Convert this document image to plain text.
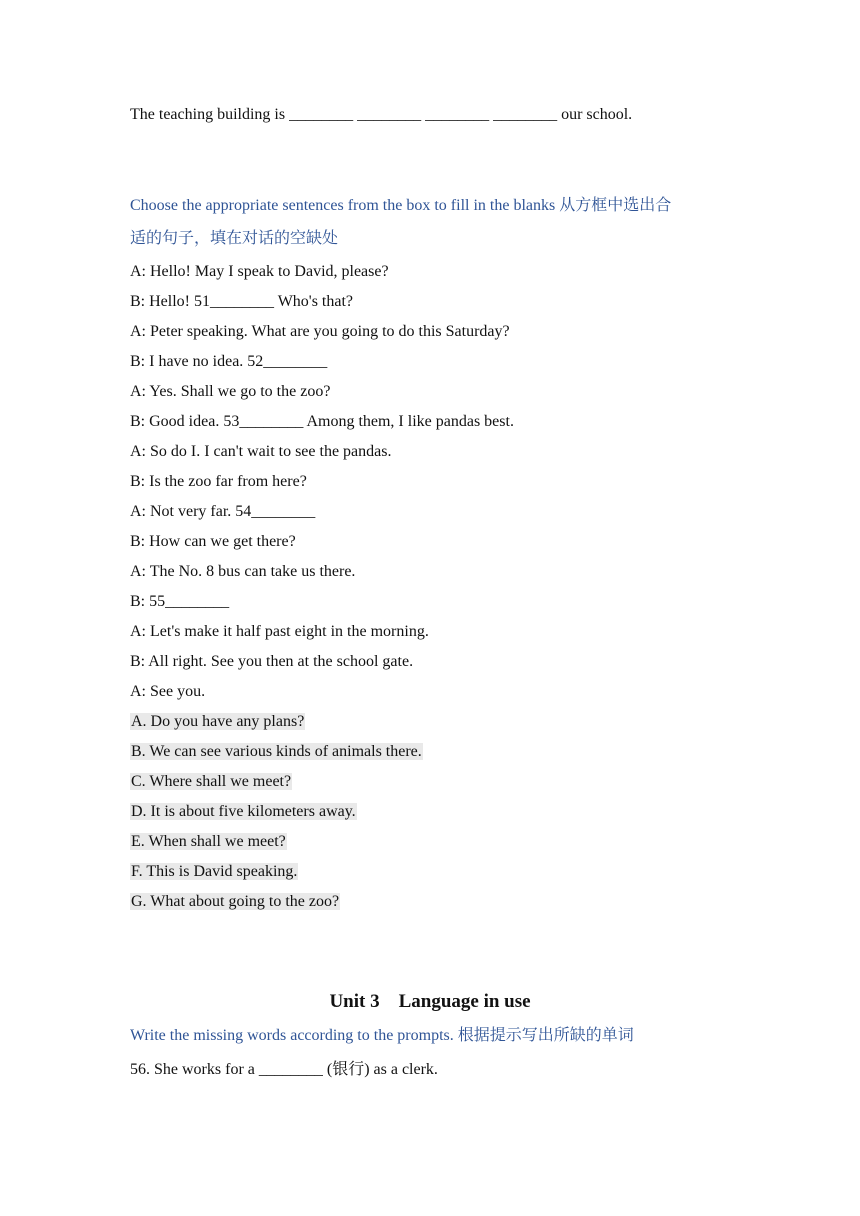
The teaching building is ________ ________ ________ ________ our school.
Choose the appropriate sentences from the box to fill in the blanks 从方框中选出合
适的句子，填在对话的空缺处
A: Hello! May I speak to David, please?
B: Hello! 51________ Who's that?
A: Peter speaking. What are you going to do this Saturday?
B: I have no idea. 52________
A: Yes. Shall we go to the zoo?
B: Good idea. 53________ Among them, I like pandas best.
A: So do I. I can't wait to see the pandas.
B: Is the zoo far from here?
A: Not very far. 54________
B: How can we get there?
A: The No. 8 bus can take us there.
B: 55________
A: Let's make it half past eight in the morning.
B: All right. See you then at the school gate.
A: See you.
A. Do you have any plans?
B. We can see various kinds of animals there.
C. Where shall we meet?
D. It is about five kilometers away.
E. When shall we meet?
F. This is David speaking.
G. What about going to the zoo?
Unit 3    Language in use
Write the missing words according to the prompts. 根据提示写出所缺的单词
56. She works for a ________ (银行) as a clerk.
